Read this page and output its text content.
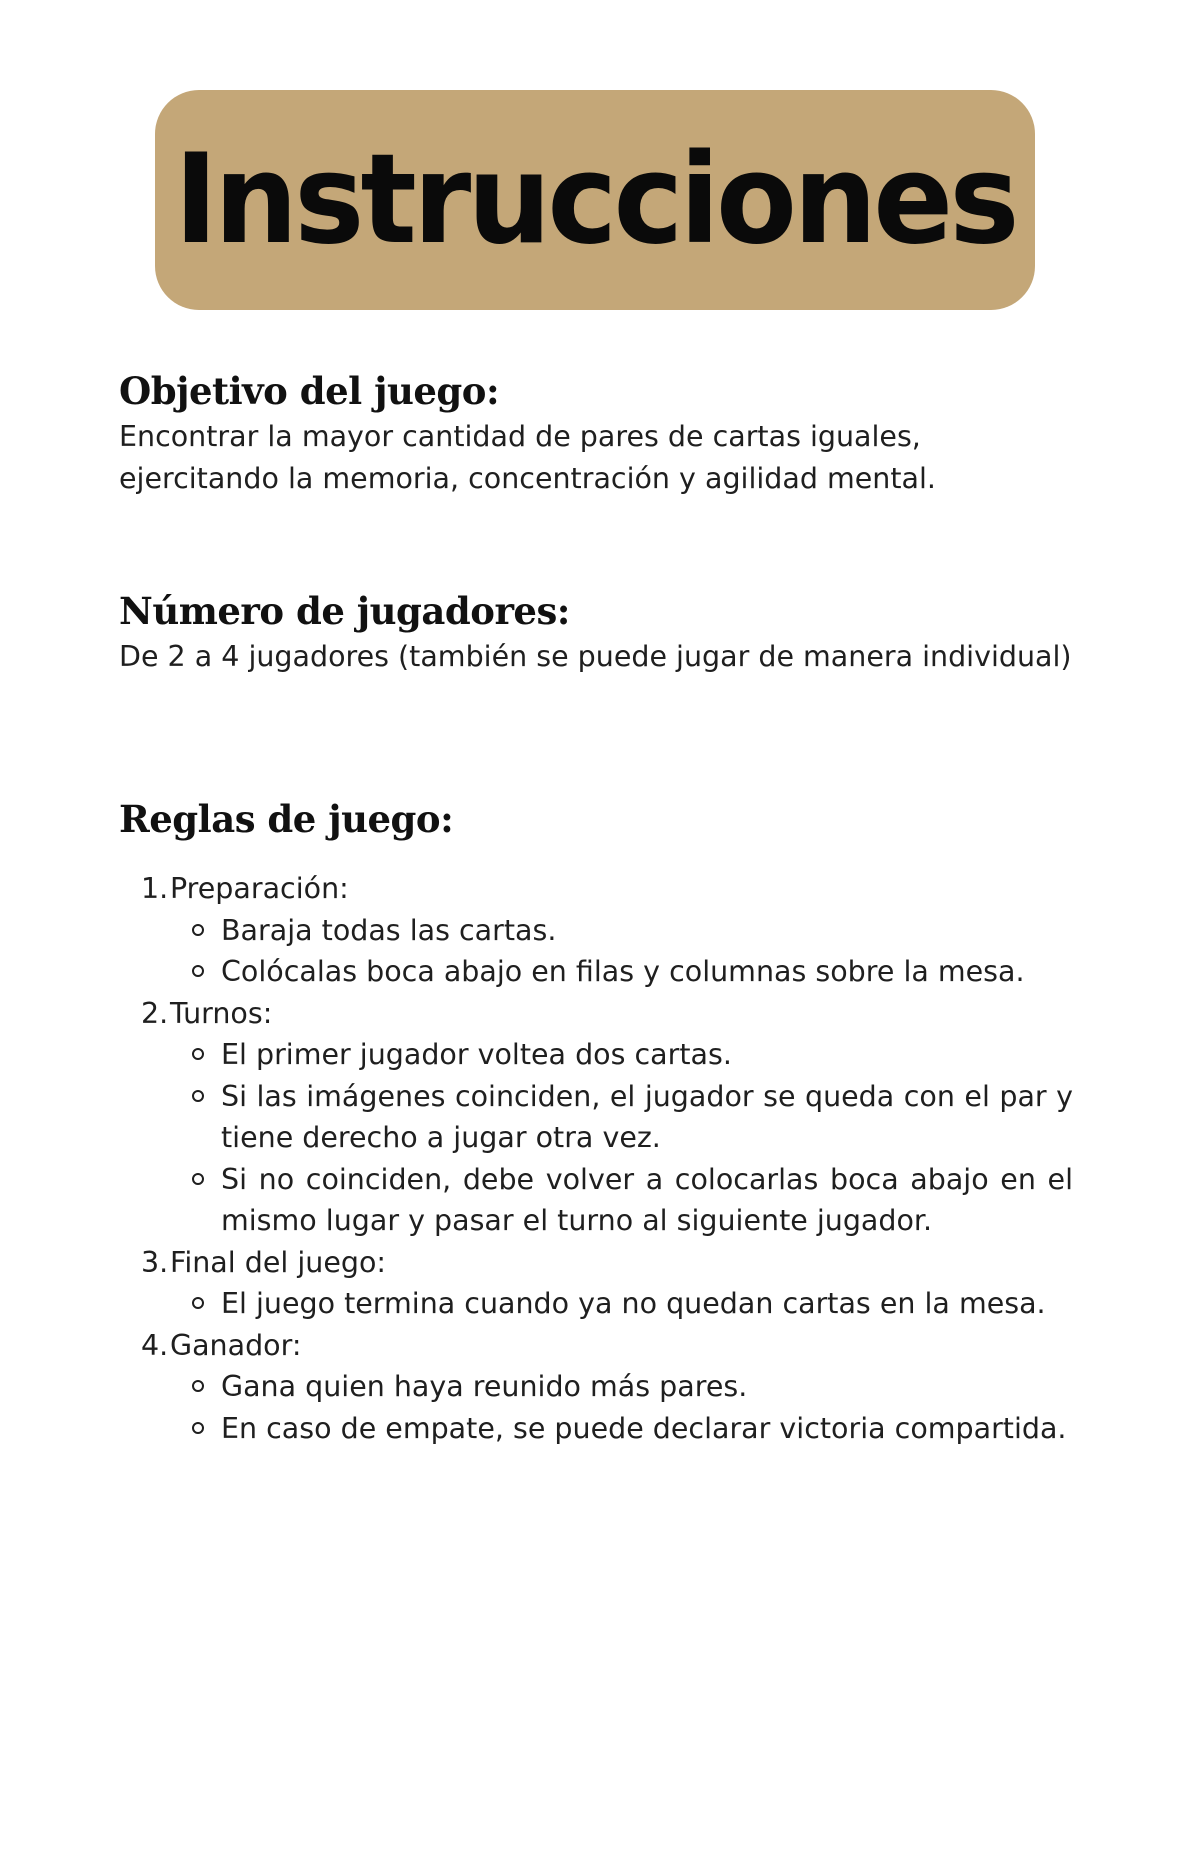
Instrucciones
Objetivo del juego:

Encontrar la mayor cantidad de pares de cartas iguales, ejercitando la memoria, concentración y agilidad mental.

Número de jugadores:

De 2 a 4 jugadores (también se puede jugar de manera individual)

Reglas de juego:
1. Preparación:
Baraja todas las cartas.
Colócalas boca abajo en filas y columnas sobre la mesa.
2. Turnos:
El primer jugador voltea dos cartas.
Si las imágenes coinciden, el jugador se queda con el par y tiene derecho a jugar otra vez.
Si no coinciden, debe volver a colocarlas boca abajo en el mismo lugar y pasar el turno al siguiente jugador.
3. Final del juego:
El juego termina cuando ya no quedan cartas en la mesa.
4. Ganador:
Gana quien haya reunido más pares.
En caso de empate, se puede declarar victoria compartida.
